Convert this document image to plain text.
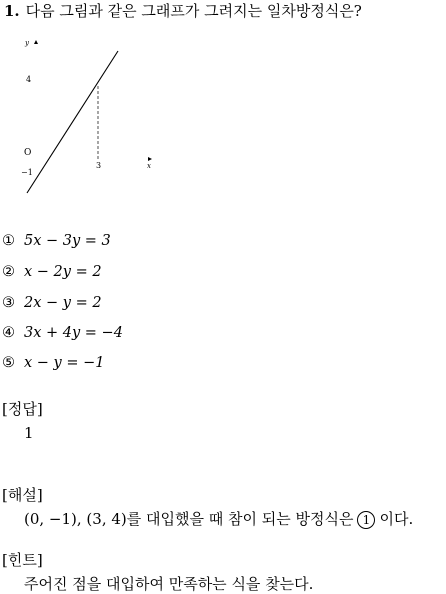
1. 다음 그림과 같은 그래프가 그려지는 일차방정식은?
y
x
4
O
−1
3
① 5x − 3y = 3
② x − 2y = 2
③ 2x − y = 2
④ 3x + 4y = −4
⑤ x − y = −1
[정답]
1
[해설]
(0, −1), (3, 4)를 대입했을 때 참이 되는 방정식은 1 이다.
[힌트]
주어진 점을 대입하여 만족하는 식을 찾는다.
